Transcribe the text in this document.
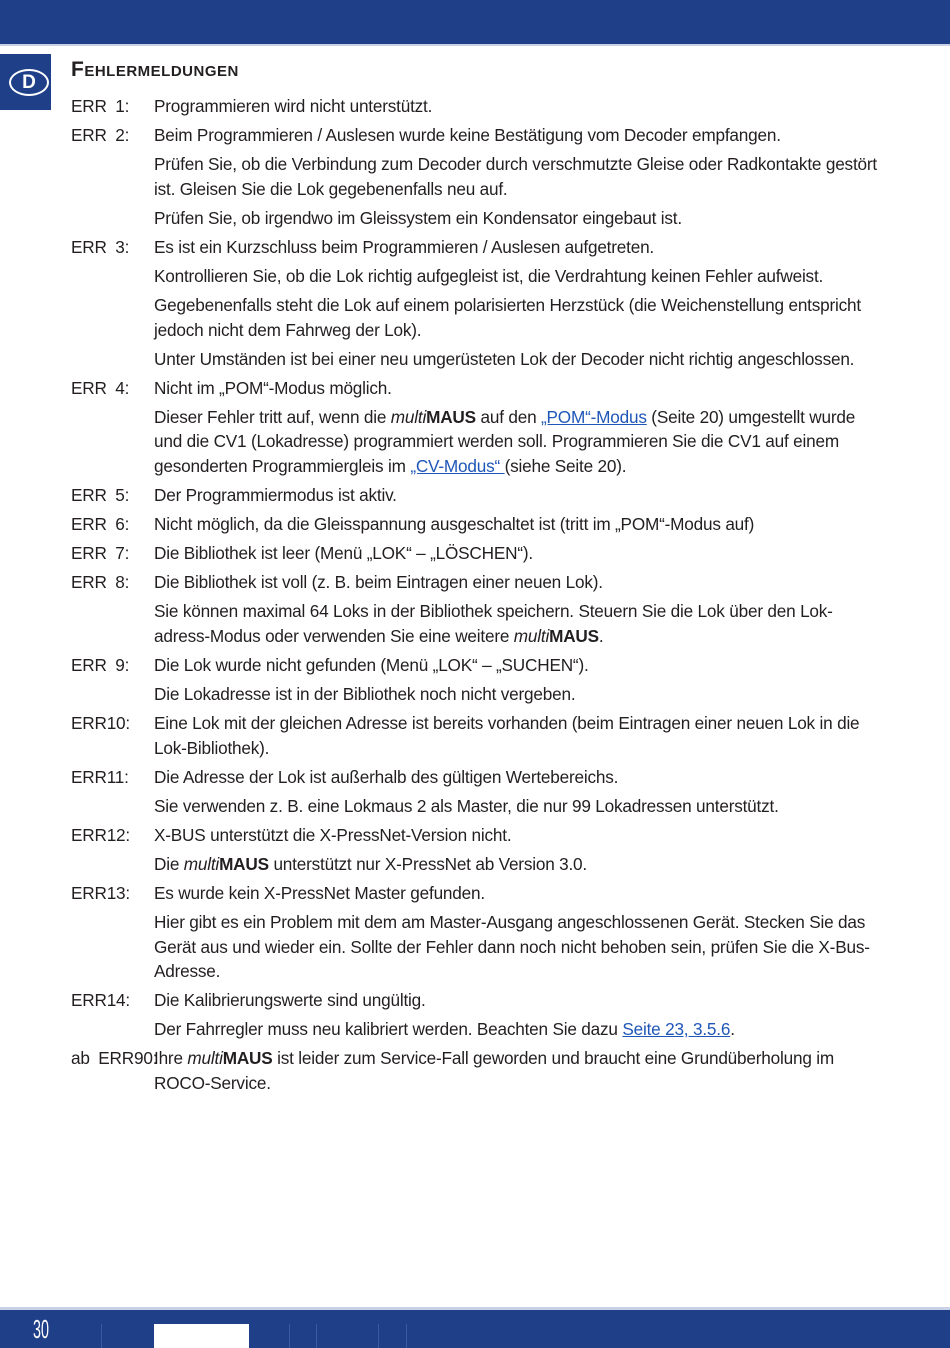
D
Fehlermeldungen
ERR 1:	Programmieren wird nicht unterstützt.
ERR 2:	Beim Programmieren / Auslesen wurde keine Bestätigung vom Decoder empfangen.
Prüfen Sie, ob die Verbindung zum Decoder durch verschmutzte Gleise oder Radkontakte gestört ist. Gleisen Sie die Lok gegebenenfalls neu auf.
Prüfen Sie, ob irgendwo im Gleissystem ein Kondensator eingebaut ist.
ERR 3:	Es ist ein Kurzschluss beim Programmieren / Auslesen aufgetreten.
Kontrollieren Sie, ob die Lok richtig aufgegleist ist, die Verdrahtung keinen Fehler aufweist.
Gegebenenfalls steht die Lok auf einem polarisierten Herzstück (die Weichenstellung entspricht jedoch nicht dem Fahrweg der Lok).
Unter Umständen ist bei einer neu umgerüsteten Lok der Decoder nicht richtig angeschlossen.
ERR 4:	Nicht im „POM“-Modus möglich.
Dieser Fehler tritt auf, wenn die multiMAUS auf den „POM“-Modus (Seite 20) umgestellt wurde und die CV1 (Lokadresse) programmiert werden soll. Programmieren Sie die CV1 auf einem gesonderten Programmiergleis im „CV-Modus“ (siehe Seite 20).
ERR 5:	Der Programmiermodus ist aktiv.
ERR 6:	Nicht möglich, da die Gleisspannung ausgeschaltet ist (tritt im „POM“-Modus auf)
ERR 7:	Die Bibliothek ist leer (Menü „LOK“ – „LÖSCHEN“).
ERR 8:	Die Bibliothek ist voll (z. B. beim Eintragen einer neuen Lok).
Sie können maximal 64 Loks in der Bibliothek speichern. Steuern Sie die Lok über den Lok-adress-Modus oder verwenden Sie eine weitere multiMAUS.
ERR 9:	Die Lok wurde nicht gefunden (Menü „LOK“ – „SUCHEN“).
Die Lokadresse ist in der Bibliothek noch nicht vergeben.
ERR10:	Eine Lok mit der gleichen Adresse ist bereits vorhanden (beim Eintragen einer neuen Lok in die Lok-Bibliothek).
ERR11:	Die Adresse der Lok ist außerhalb des gültigen Wertebereichs.
Sie verwenden z. B. eine Lokmaus 2 als Master, die nur 99 Lokadressen unterstützt.
ERR12:	X-BUS unterstützt die X-PressNet-Version nicht.
Die multiMAUS unterstützt nur X-PressNet ab Version 3.0.
ERR13:	Es wurde kein X-PressNet Master gefunden.
Hier gibt es ein Problem mit dem am Master-Ausgang angeschlossenen Gerät. Stecken Sie das Gerät aus und wieder ein. Sollte der Fehler dann noch nicht behoben sein, prüfen Sie die X-Bus-Adresse.
ERR14:	Die Kalibrierungswerte sind ungültig.
Der Fahrregler muss neu kalibriert werden. Beachten Sie dazu Seite 23, 3.5.6.
ab ERR90:
Ihre multiMAUS ist leider zum Service-Fall geworden und braucht eine Grundüberholung im ROCO-Service.
30
